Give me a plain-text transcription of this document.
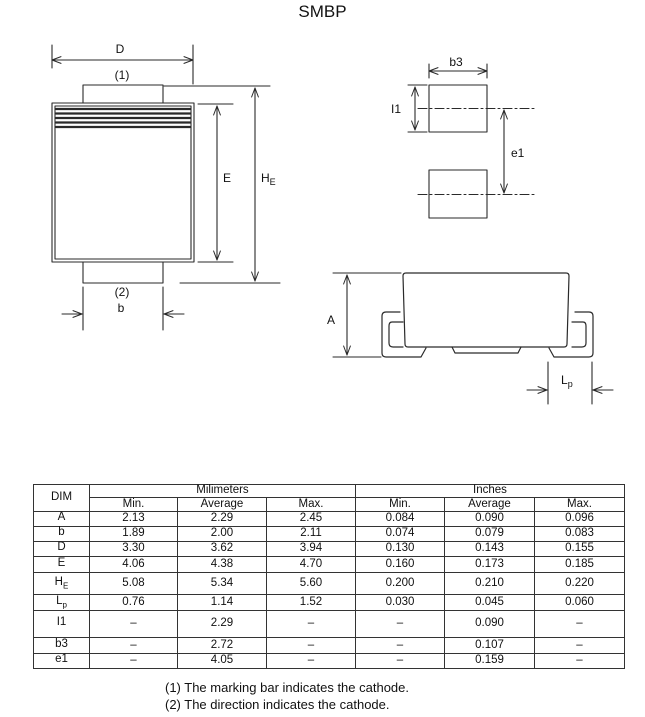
SMBP
D
(1)
E $H_E$
(2)
b
b3
I1
e1
A
$L_p$
DIM	Milimeters			Inches		
	Min.	Average	Max.	Min.	Average	Max.
A	2.13	2.29	2.45	0.084	0.090	0.096
b	1.89	2.00	2.11	0.074	0.079	0.083
D	3.30	3.62	3.94	0.130	0.143	0.155
E	4.06	4.38	4.70	0.160	0.173	0.185
$H_E$	5.08	5.34	5.60	0.200	0.210	0.220
$L_p$	0.76	1.14	1.52	0.030	0.045	0.060
I1	–	2.29	–	–	0.090	–
b3	–	2.72	–	–	0.107	–
e1	–	4.05	–	–	0.159	–
(1) The marking bar indicates the cathode.
(2) The direction indicates the cathode.
